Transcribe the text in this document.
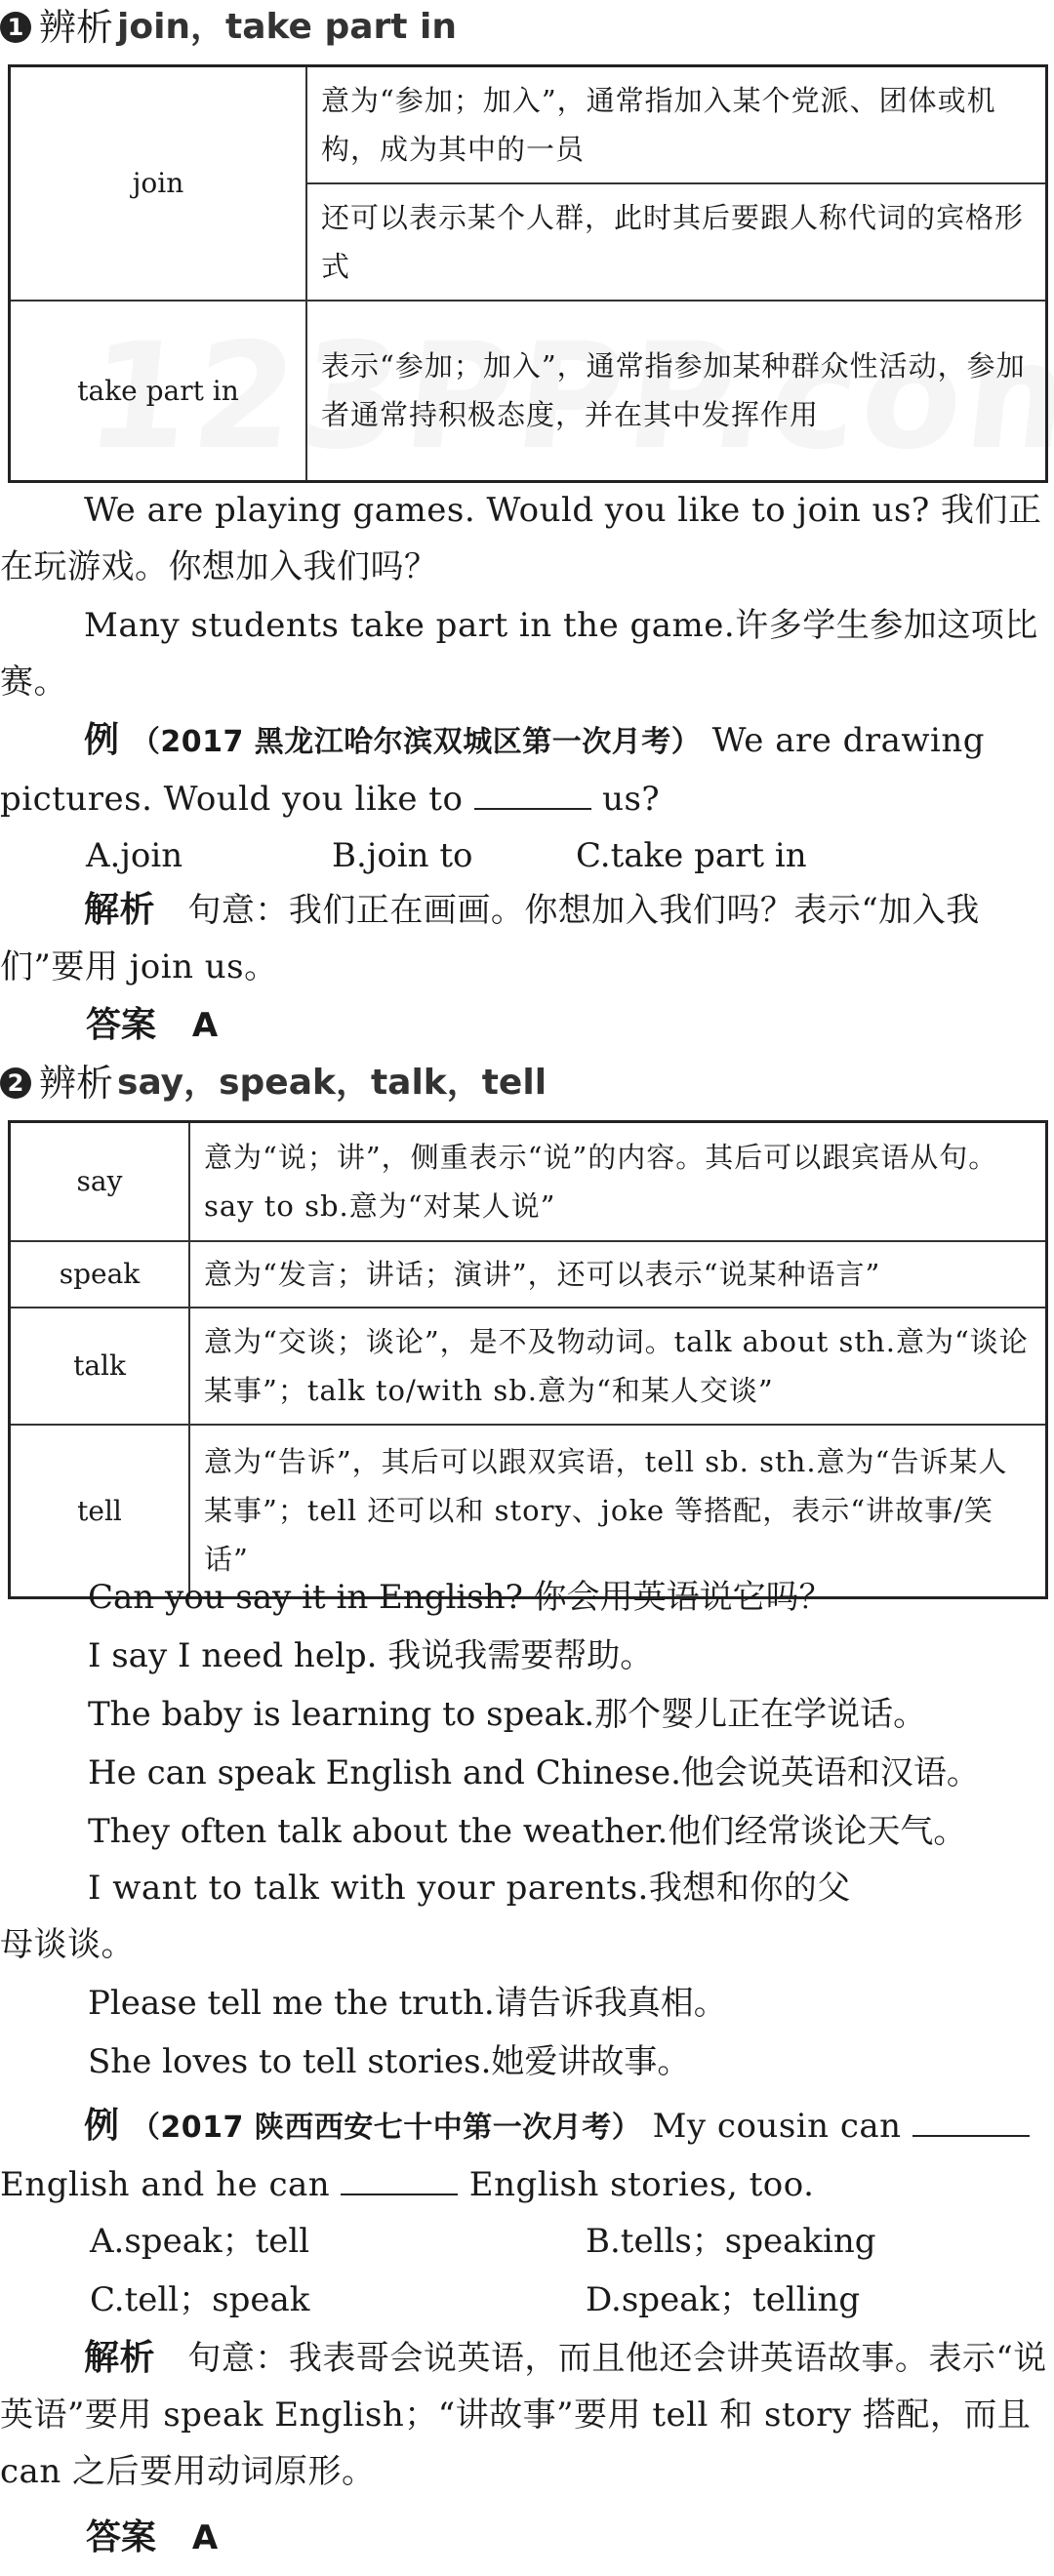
1 辨析 join，take part in
join	意为“参加；加入”，通常指加入某个党派、团体或机构，成为其中的一员
	还可以表示某个人群，此时其后要跟人称代词的宾格形式
take part in	表示“参加；加入”，通常指参加某种群众性活动，参加者通常持积极态度，并在其中发挥作用

We are playing games. Would you like to join us? 我们正在玩游戏。你想加入我们吗？

Many students take part in the game.许多学生参加这项比赛。

例 （2017 黑龙江哈尔滨双城区第一次月考） We are drawing pictures. Would you like to	us?

A.join	B.join to	C.take part in

解析 句意：我们正在画画。你想加入我们吗？表示“加入我们”要用 join us。

答案 A
2 辨析 say，speak，talk，tell
say	意为“说；讲”，侧重表示“说”的内容。其后可以跟宾语从句。say to sb.意为“对某人说”
speak	意为“发言；讲话；演讲”，还可以表示“说某种语言”
talk	意为“交谈；谈论”，是不及物动词。talk about sth.意为“谈论某事”；talk to/with sb.意为“和某人交谈”
tell	意为“告诉”，其后可以跟双宾语，tell sb. sth.意为“告诉某人某事”；tell 还可以和 story、joke 等搭配，表示“讲故事/笑话”

Can you say it in English? 你会用英语说它吗？

I say I need help. 我说我需要帮助。

The baby is learning to speak.那个婴儿正在学说话。

He can speak English and Chinese.他会说英语和汉语。

They often talk about the weather.他们经常谈论天气。

I want to talk with your parents.我想和你的父母谈谈。

Please tell me the truth.请告诉我真相。

She loves to tell stories.她爱讲故事。

例 （2017 陕西西安七十中第一次月考） My cousin can  English and he can	English stories, too.

A.speak；tell	B.tells；speaking
C.tell；speak	D.speak；telling

解析 句意：我表哥会说英语，而且他还会讲英语故事。表示“说英语”要用 speak English；“讲故事”要用 tell 和 story 搭配，而且 can 之后要用动词原形。

答案 A
